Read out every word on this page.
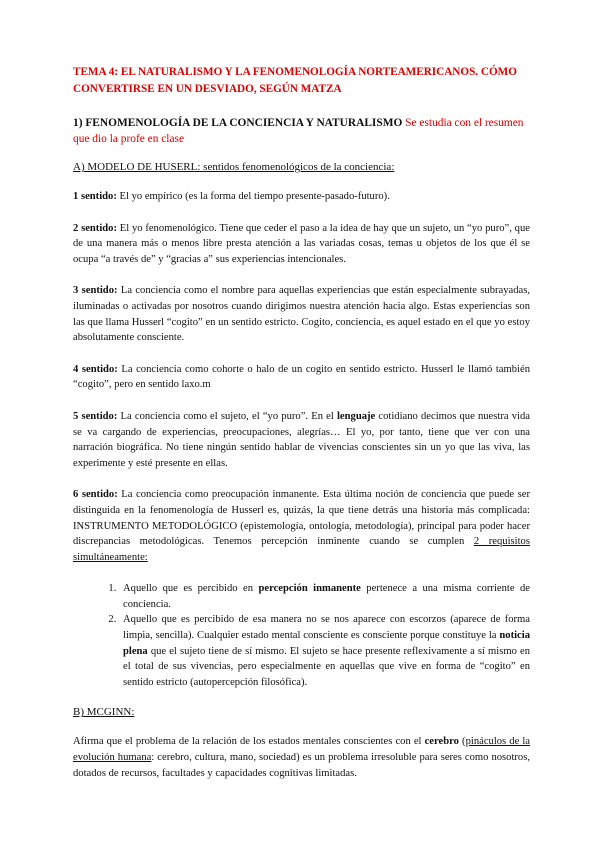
TEMA 4: EL NATURALISMO Y LA FENOMENOLOGÍA NORTEAMERICANOS. CÓMO CONVERTIRSE EN UN DESVIADO, SEGÚN MATZA
1) FENOMENOLOGÍA DE LA CONCIENCIA Y NATURALISMO Se estudia con el resumen que dio la profe en clase
A) MODELO DE HUSERL: sentidos fenomenológicos de la conciencia:

1 sentido: El yo empírico (es la forma del tiempo presente-pasado-futuro).

2 sentido: El yo fenomenológico. Tiene que ceder el paso a la idea de hay que un sujeto, un “yo puro”, que de una manera más o menos libre presta atención a las variadas cosas, temas u objetos de los que él se ocupa “a través de” y “gracias a” sus experiencias intencionales.

3 sentido: La conciencia como el nombre para aquellas experiencias que están especialmente subrayadas, iluminadas o activadas por nosotros cuando dirigimos nuestra atención hacia algo. Estas experiencias son las que llama Husserl “cogito” en un sentido estricto. Cogito, conciencia, es aquel estado en el que yo estoy absolutamente consciente.

4 sentido: La conciencia como cohorte o halo de un cogito en sentido estricto. Husserl le llamó también “cogito”, pero en sentido laxo.m

5 sentido: La conciencia como el sujeto, el “yo puro”. En el lenguaje cotidiano decimos que nuestra vida se va cargando de experiencias, preocupaciones, alegrías… El yo, por tanto, tiene que ver con una narración biográfica. No tiene ningún sentido hablar de vivencias conscientes sin un yo que las viva, las experimente y esté presente en ellas.

6 sentido: La conciencia como preocupación inmanente. Esta última noción de conciencia que puede ser distinguida en la fenomenología de Husserl es, quizás, la que tiene detrás una historia más complicada: INSTRUMENTO METODOLÓGICO (epistemología, ontología, metodología), principal para poder hacer discrepancias metodológicas. Tenemos percepción inminente cuando se cumplen 2 requisitos simultáneamente:

1. Aquello que es percibido en percepción inmanente pertenece a una misma corriente de conciencia.
2. Aquello que es percibido de esa manera no se nos aparece con escorzos (aparece de forma limpia, sencilla). Cualquier estado mental consciente es consciente porque constituye la noticia plena que el sujeto tiene de sí mismo. El sujeto se hace presente reflexivamente a sí mismo en el total de sus vivencias, pero especialmente en aquellas que vive en forma de “cogito” en sentido estricto (autopercepción filosófica).
B) MCGINN:

Afirma que el problema de la relación de los estados mentales conscientes con el cerebro (pináculos de la evolución humana: cerebro, cultura, mano, sociedad) es un problema irresoluble para seres como nosotros, dotados de recursos, facultades y capacidades cognitivas limitadas.
